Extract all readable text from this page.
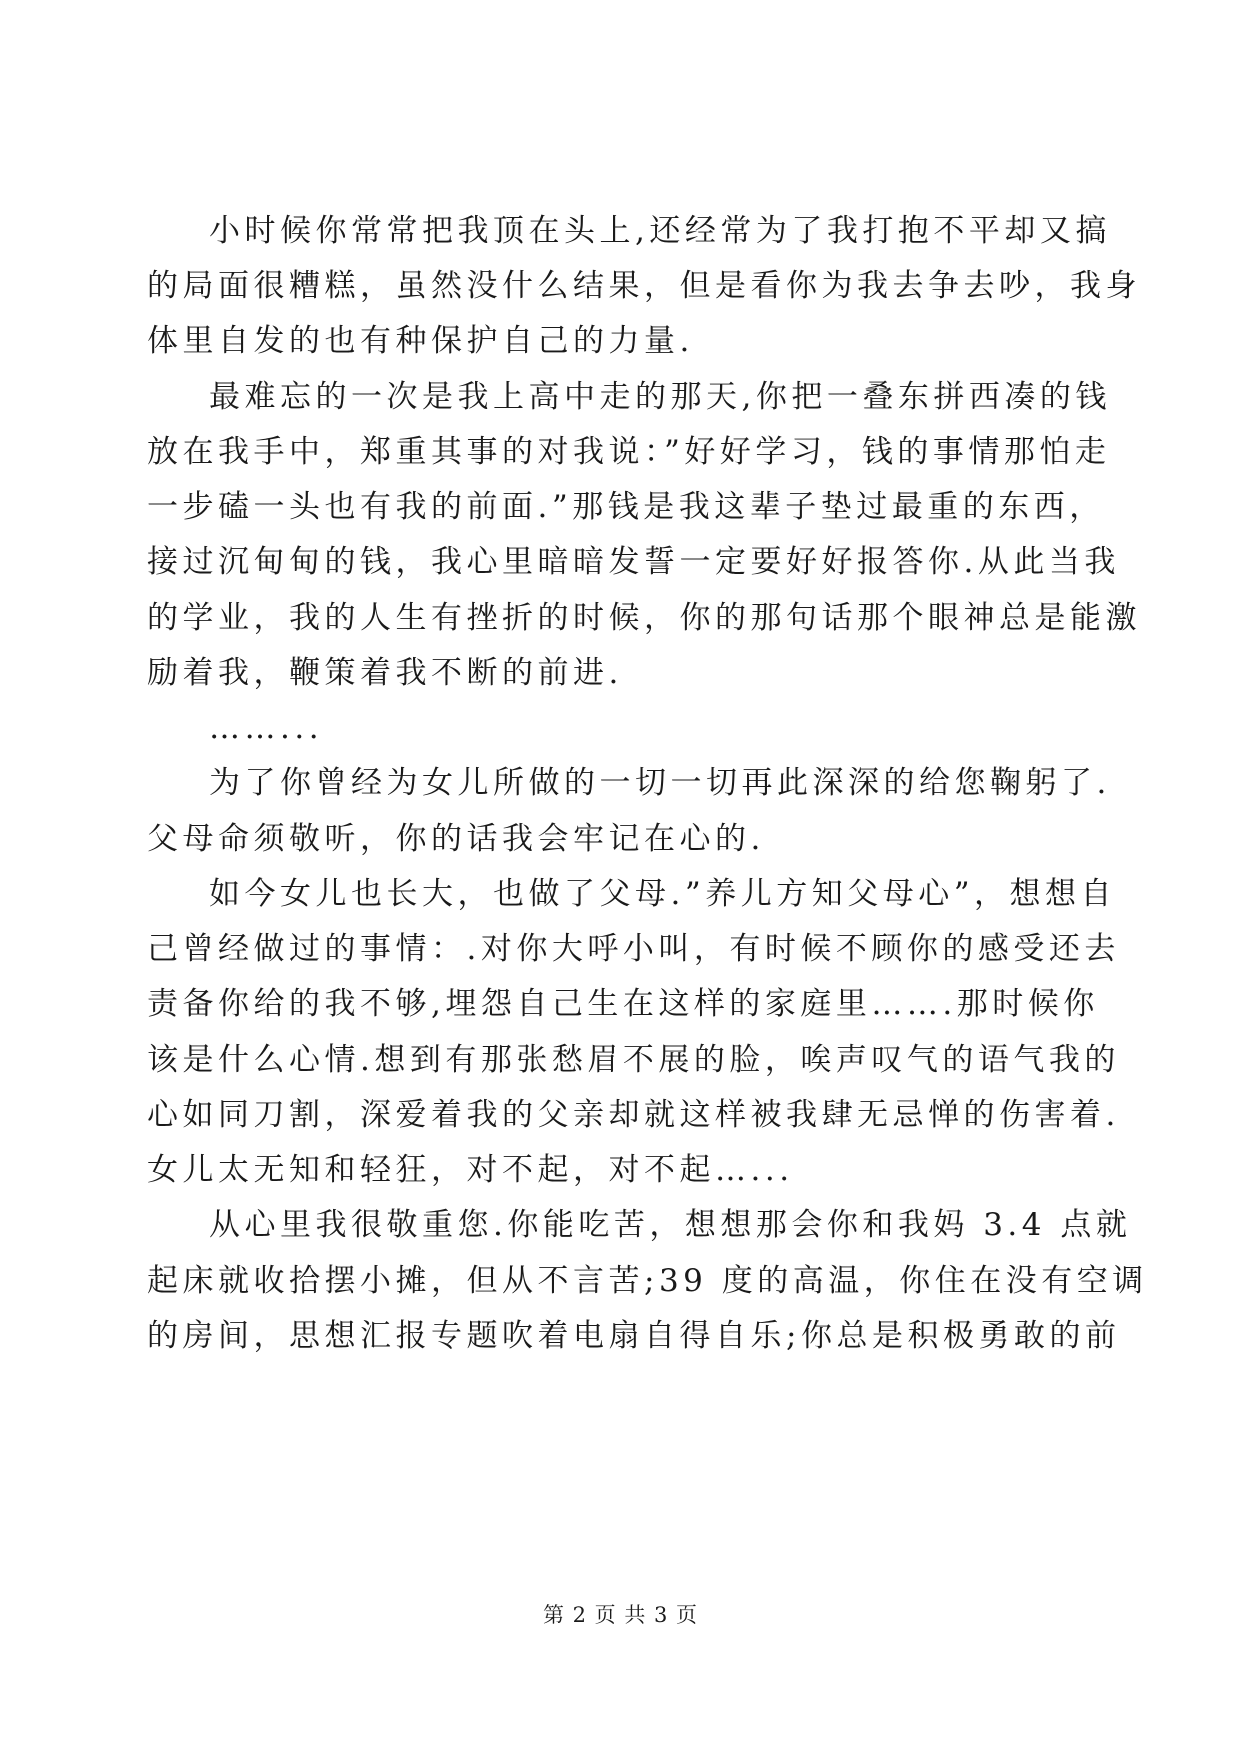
小时候你常常把我顶在头上,还经常为了我打抱不平却又搞
的局面很糟糕，虽然没什么结果，但是看你为我去争去吵，我身
体里自发的也有种保护自己的力量.
最难忘的一次是我上高中走的那天,你把一叠东拼西凑的钱
放在我手中，郑重其事的对我说：”好好学习，钱的事情那怕走
一步磕一头也有我的前面.”那钱是我这辈子垫过最重的东西，
接过沉甸甸的钱，我心里暗暗发誓一定要好好报答你.从此当我
的学业，我的人生有挫折的时候，你的那句话那个眼神总是能激
励着我，鞭策着我不断的前进.
……...
为了你曾经为女儿所做的一切一切再此深深的给您鞠躬了.
父母命须敬听，你的话我会牢记在心的.
如今女儿也长大，也做了父母.”养儿方知父母心”，想想自
己曾经做过的事情：.对你大呼小叫，有时候不顾你的感受还去
责备你给的我不够,埋怨自己生在这样的家庭里…….那时候你
该是什么心情.想到有那张愁眉不展的脸，唉声叹气的语气我的
心如同刀割，深爱着我的父亲却就这样被我肆无忌惮的伤害着.
女儿太无知和轻狂，对不起，对不起…...
从心里我很敬重您.你能吃苦，想想那会你和我妈 3.4 点就
起床就收拾摆小摊，但从不言苦;39 度的高温，你住在没有空调
的房间，思想汇报专题吹着电扇自得自乐;你总是积极勇敢的前
第 2 页 共 3 页
